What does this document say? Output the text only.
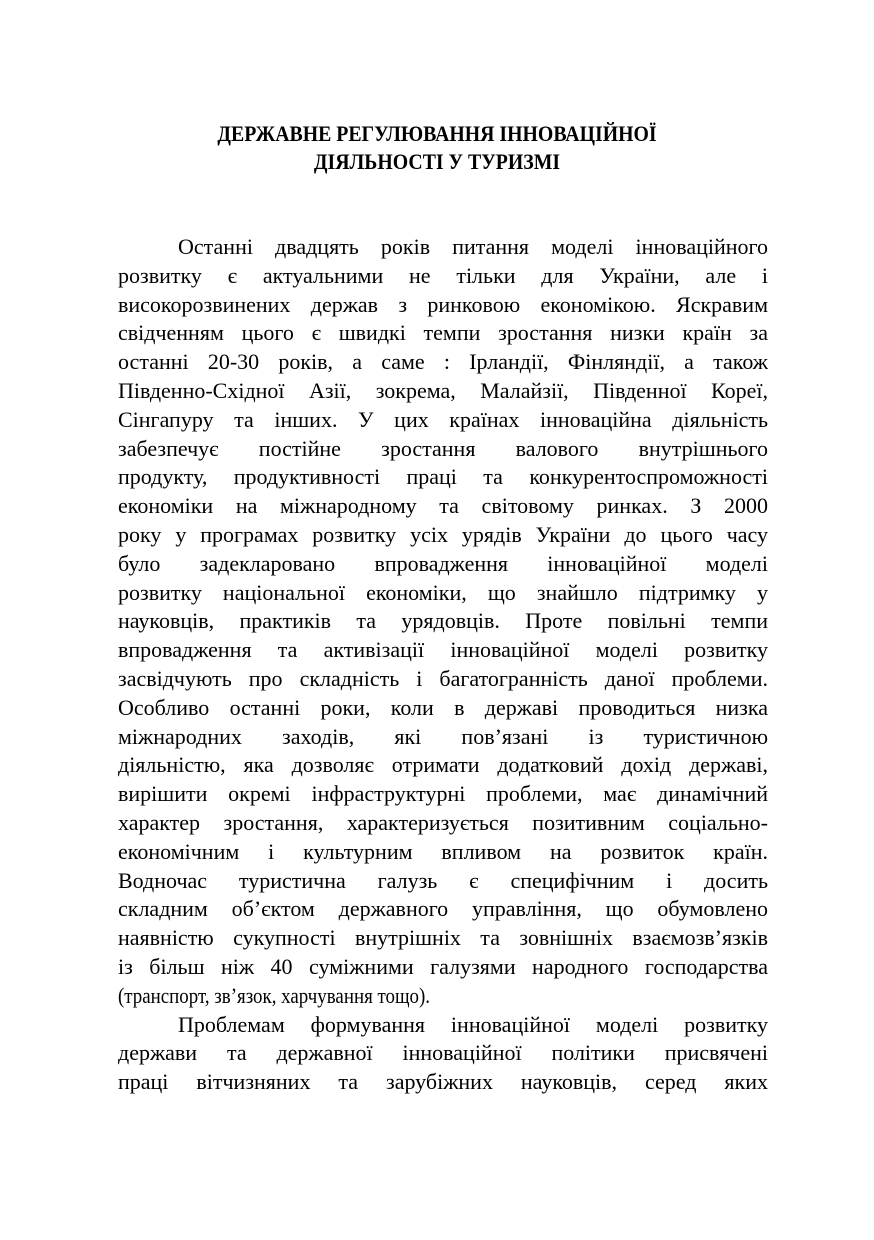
ДЕРЖАВНЕ РЕГУЛЮВАННЯ ІННОВАЦІЙНОЇ
ДІЯЛЬНОСТІ У ТУРИЗМІ
Останні двадцять років питання моделі інноваційного
розвитку є актуальними не тільки для України, але і
високорозвинених держав з ринковою економікою. Яскравим
свідченням цього є швидкі темпи зростання низки країн за
останні 20-30 років, а саме : Ірландії, Фінляндії, а також
Південно-Східної Азії, зокрема, Малайзії, Південної Кореї,
Сінгапуру та інших. У цих країнах інноваційна діяльність
забезпечує постійне зростання валового внутрішнього
продукту, продуктивності праці та конкурентоспроможності
економіки на міжнародному та світовому ринках. З 2000
року у програмах розвитку усіх урядів України до цього часу
було задекларовано впровадження інноваційної моделі
розвитку національної економіки, що знайшло підтримку у
науковців, практиків та урядовців. Проте повільні темпи
впровадження та активізації інноваційної моделі розвитку
засвідчують про складність і багатогранність даної проблеми.
Особливо останні роки, коли в державі проводиться низка
міжнародних заходів, які пов’язані із туристичною
діяльністю, яка дозволяє отримати додатковий дохід державі,
вирішити окремі інфраструктурні проблеми, має динамічний
характер зростання, характеризується позитивним соціально-
економічним і культурним впливом на розвиток країн.
Водночас туристична галузь є специфічним і досить
складним об’єктом державного управління, що обумовлено
наявністю сукупності внутрішніх та зовнішніх взаємозв’язків
із більш ніж 40 суміжними галузями народного господарства
(транспорт, зв’язок, харчування тощо).
Проблемам формування інноваційної моделі розвитку
держави та державної інноваційної політики присвячені
праці вітчизняних та зарубіжних науковців, серед яких
